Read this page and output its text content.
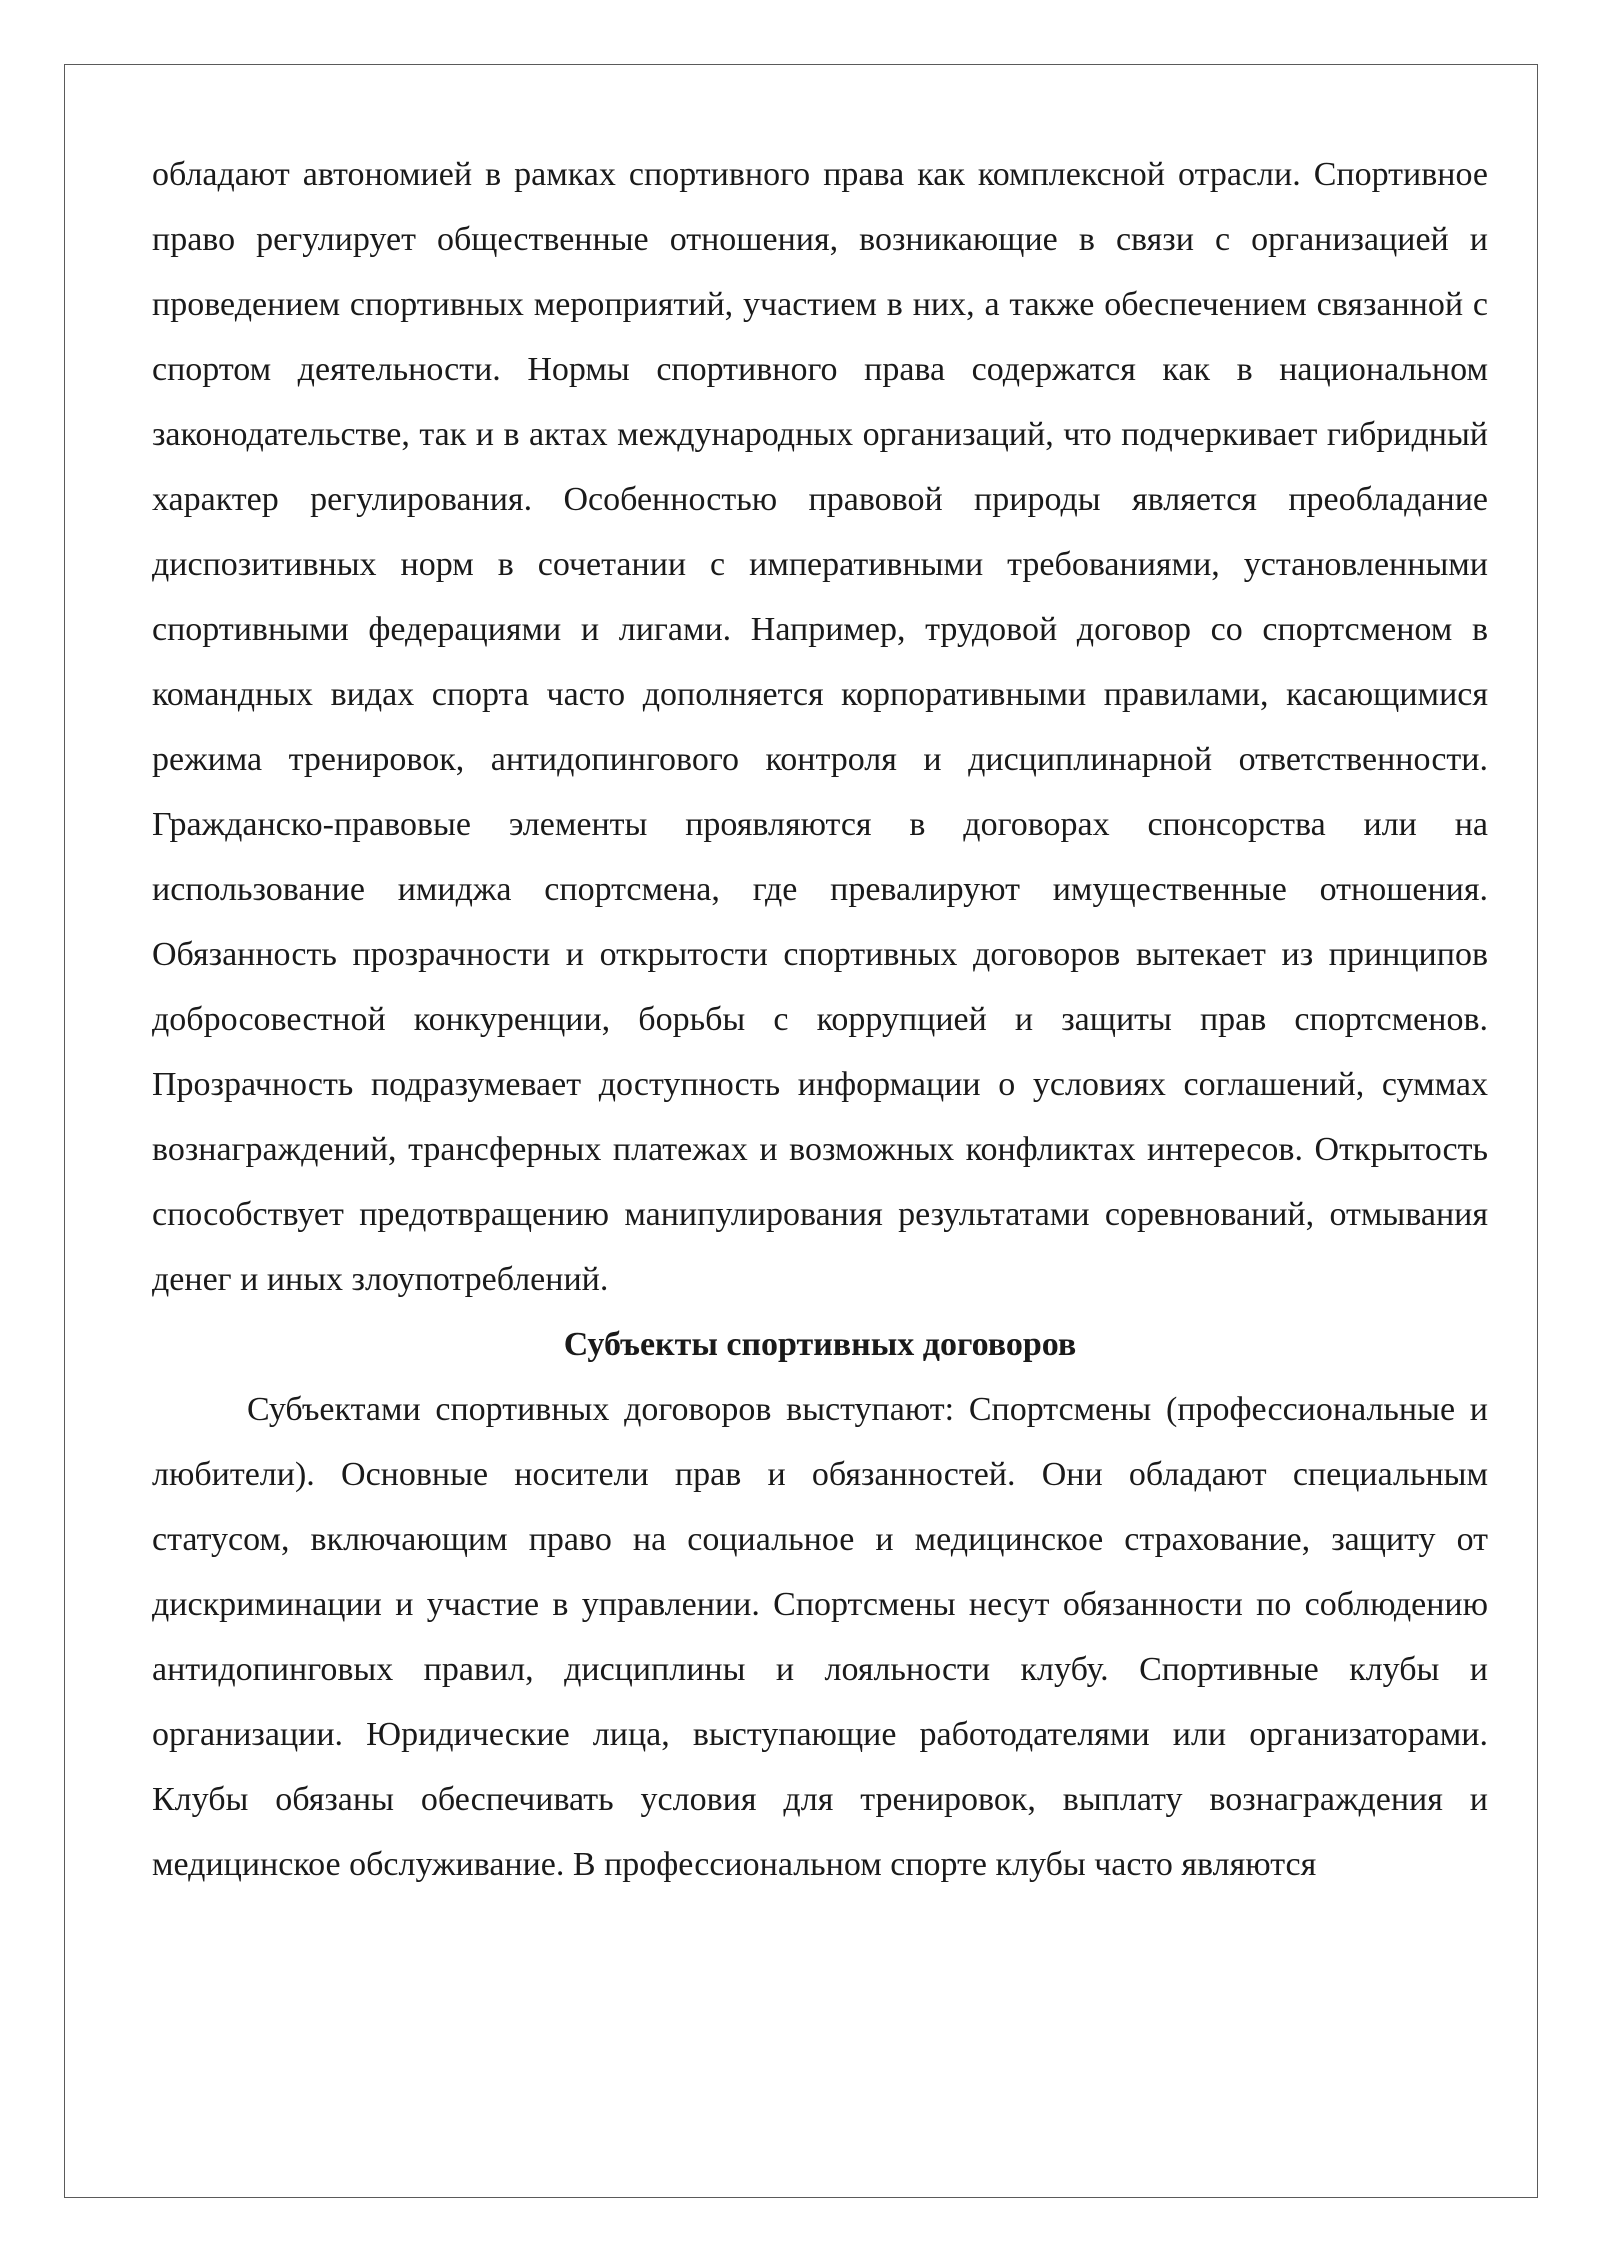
обладают автономией в рамках спортивного права как комплексной отрасли. Спортивное право регулирует общественные отношения, возникающие в связи с организацией и проведением спортивных мероприятий, участием в них, а также обеспечением связанной с спортом деятельности. Нормы спортивного права содержатся как в национальном законодательстве, так и в актах международных организаций, что подчеркивает гибридный характер регулирования. Особенностью правовой природы является преобладание диспозитивных норм в сочетании с императивными требованиями, установленными спортивными федерациями и лигами. Например, трудовой договор со спортсменом в командных видах спорта часто дополняется корпоративными правилами, касающимися режима тренировок, антидопингового контроля и дисциплинарной ответственности. Гражданско-правовые элементы проявляются в договорах спонсорства или на использование имиджа спортсмена, где превалируют имущественные отношения. Обязанность прозрачности и открытости спортивных договоров вытекает из принципов добросовестной конкуренции, борьбы с коррупцией и защиты прав спортсменов. Прозрачность подразумевает доступность информации о условиях соглашений, суммах вознаграждений, трансферных платежах и возможных конфликтах интересов. Открытость способствует предотвращению манипулирования результатами соревнований, отмывания денег и иных злоупотреблений.

Субъекты спортивных договоров

Субъектами спортивных договоров выступают: Спортсмены (профессиональные и любители). Основные носители прав и обязанностей. Они обладают специальным статусом, включающим право на социальное и медицинское страхование, защиту от дискриминации и участие в управлении. Спортсмены несут обязанности по соблюдению антидопинговых правил, дисциплины и лояльности клубу. Спортивные клубы и организации. Юридические лица, выступающие работодателями или организаторами. Клубы обязаны обеспечивать условия для тренировок, выплату вознаграждения и медицинское обслуживание. В профессиональном спорте клубы часто являются
